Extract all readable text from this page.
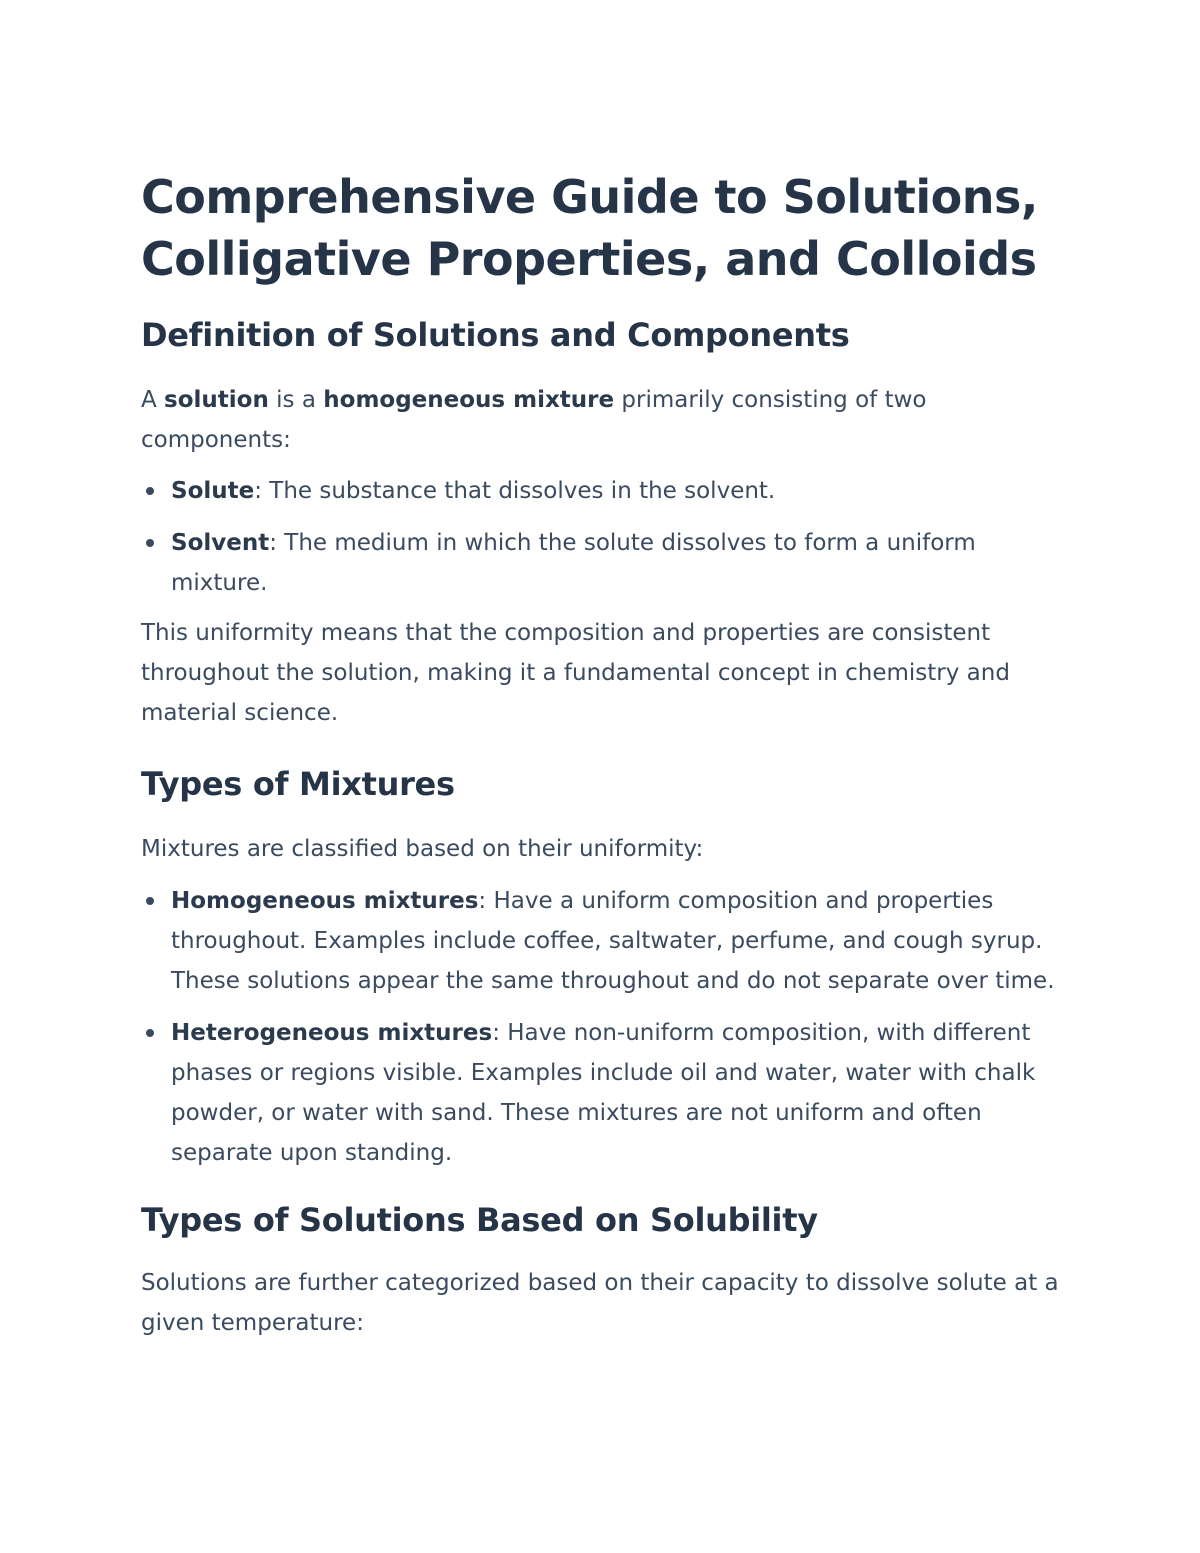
Comprehensive Guide to Solutions, Colligative Properties, and Colloids
Definition of Solutions and Components

A solution is a homogeneous mixture primarily consisting of two components:

Solute: The substance that dissolves in the solvent.
Solvent: The medium in which the solute dissolves to form a uniform mixture.

This uniformity means that the composition and properties are consistent throughout the solution, making it a fundamental concept in chemistry and material science.

Types of Mixtures

Mixtures are classified based on their uniformity:

Homogeneous mixtures: Have a uniform composition and properties throughout. Examples include coffee, saltwater, perfume, and cough syrup. These solutions appear the same throughout and do not separate over time.
Heterogeneous mixtures: Have non-uniform composition, with different phases or regions visible. Examples include oil and water, water with chalk powder, or water with sand. These mixtures are not uniform and often separate upon standing.
Types of Solutions Based on Solubility

Solutions are further categorized based on their capacity to dissolve solute at a given temperature:
